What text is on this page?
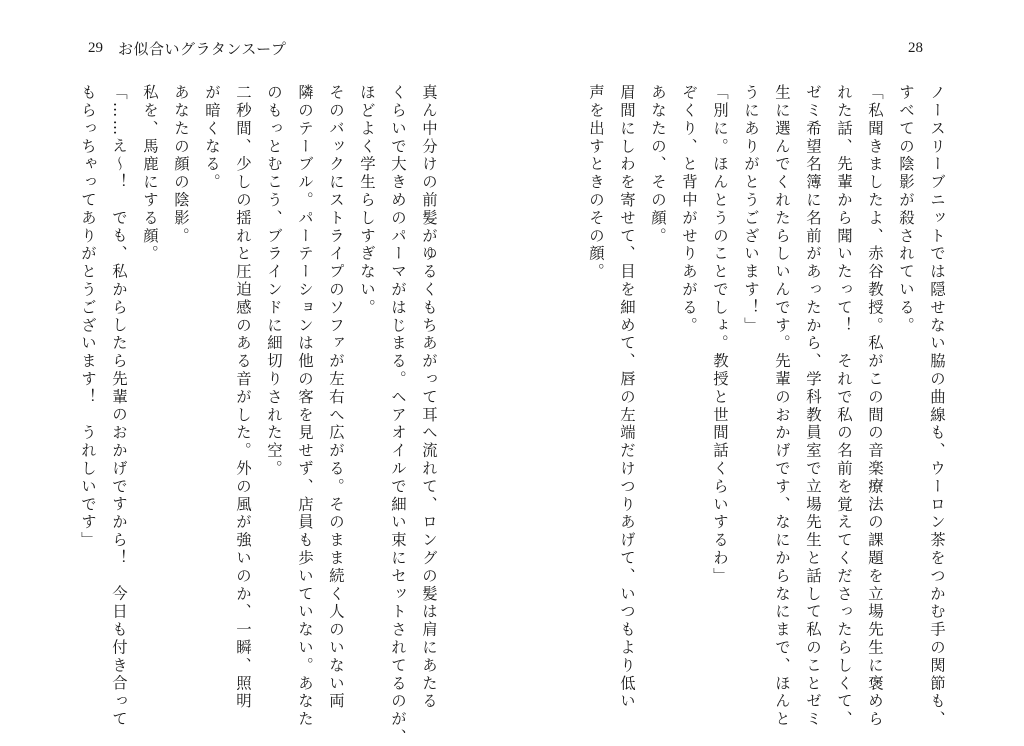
29 お似合いグラタンスープ	28
ノースリーブニットでは隠せない脇の曲線も、ウーロン茶をつかむ手の関節も、
すべての陰影が殺されている。
「私聞きましたよ、赤谷教授。私がこの間の音楽療法の課題を立場先生に褒めら
れた話、先輩から聞いたって！　それで私の名前を覚えてくださったらしくて、
ゼミ希望名簿に名前があったから、学科教員室で立場先生と話して私のことゼミ
生に選んでくれたらしいんです。先輩のおかげです、なにからなにまで、ほんと
うにありがとうございます！」
「別に。ほんとうのことでしょ。教授と世間話くらいするわ」
ぞくり、と背中がせりあがる。
あなたの、その顔。
眉間にしわを寄せて、目を細めて、唇の左端だけつりあげて、いつもより低い
声を出すときのその顔。
真ん中分けの前髪がゆるくもちあがって耳へ流れて、ロングの髪は肩にあたる
くらいで大きめのパーマがはじまる。ヘアオイルで細い束にセットされてるのが、
ほどよく学生らしすぎない。
そのバックにストライプのソファが左右へ広がる。そのまま続く人のいない両
隣のテーブル。パーテーションは他の客を見せず、店員も歩いていない。あなた
のもっとむこう、ブラインドに細切りされた空。
二秒間、少しの揺れと圧迫感のある音がした。外の風が強いのか、一瞬、照明
が暗くなる。
あなたの顔の陰影。
私を、馬鹿にする顔。
「……え〜！　でも、私からしたら先輩のおかげですから！　今日も付き合って
もらっちゃってありがとうございます！　うれしいです」
